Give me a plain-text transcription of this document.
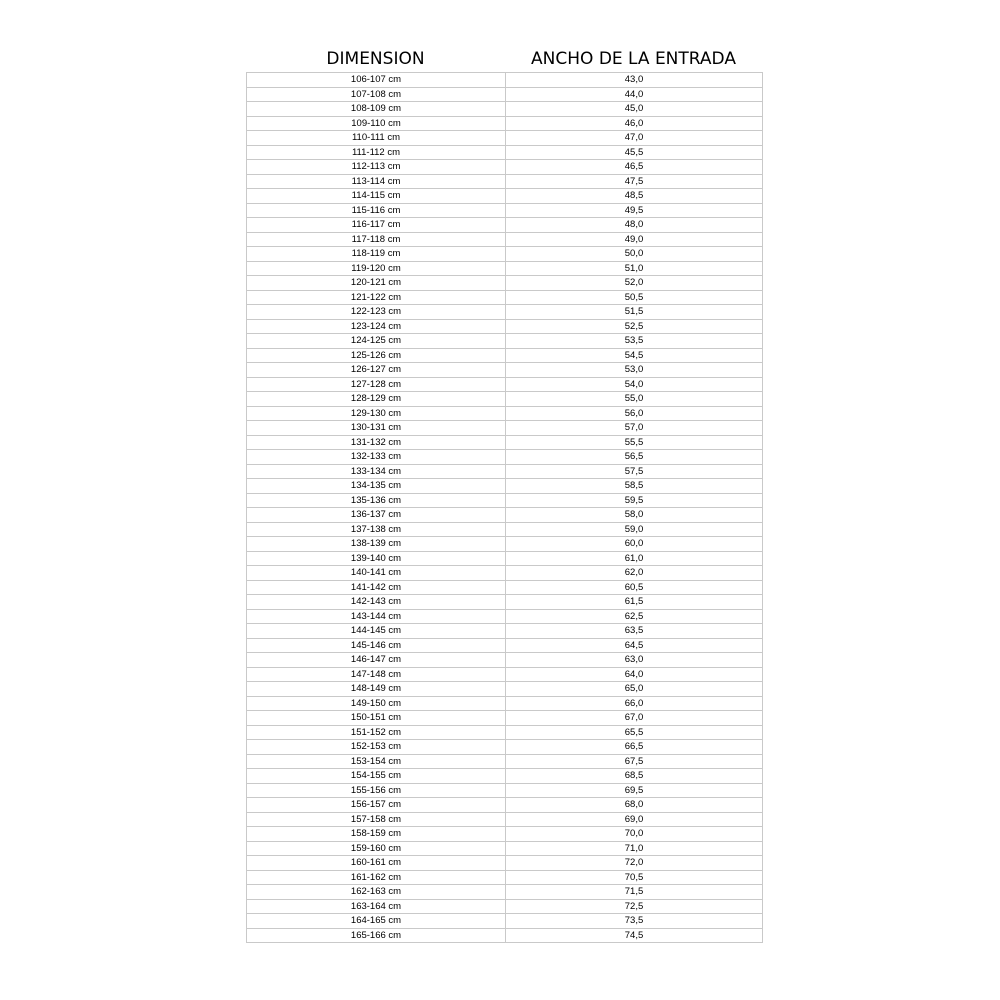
DIMENSION	ANCHO DE LA ENTRADA
106-107 cm	43,0
107-108 cm	44,0
108-109 cm	45,0
109-110 cm	46,0
110-111 cm	47,0
111-112 cm	45,5
112-113 cm	46,5
113-114 cm	47,5
114-115 cm	48,5
115-116 cm	49,5
116-117 cm	48,0
117-118 cm	49,0
118-119 cm	50,0
119-120 cm	51,0
120-121 cm	52,0
121-122 cm	50,5
122-123 cm	51,5
123-124 cm	52,5
124-125 cm	53,5
125-126 cm	54,5
126-127 cm	53,0
127-128 cm	54,0
128-129 cm	55,0
129-130 cm	56,0
130-131 cm	57,0
131-132 cm	55,5
132-133 cm	56,5
133-134 cm	57,5
134-135 cm	58,5
135-136 cm	59,5
136-137 cm	58,0
137-138 cm	59,0
138-139 cm	60,0
139-140 cm	61,0
140-141 cm	62,0
141-142 cm	60,5
142-143 cm	61,5
143-144 cm	62,5
144-145 cm	63,5
145-146 cm	64,5
146-147 cm	63,0
147-148 cm	64,0
148-149 cm	65,0
149-150 cm	66,0
150-151 cm	67,0
151-152 cm	65,5
152-153 cm	66,5
153-154 cm	67,5
154-155 cm	68,5
155-156 cm	69,5
156-157 cm	68,0
157-158 cm	69,0
158-159 cm	70,0
159-160 cm	71,0
160-161 cm	72,0
161-162 cm	70,5
162-163 cm	71,5
163-164 cm	72,5
164-165 cm	73,5
165-166 cm	74,5
